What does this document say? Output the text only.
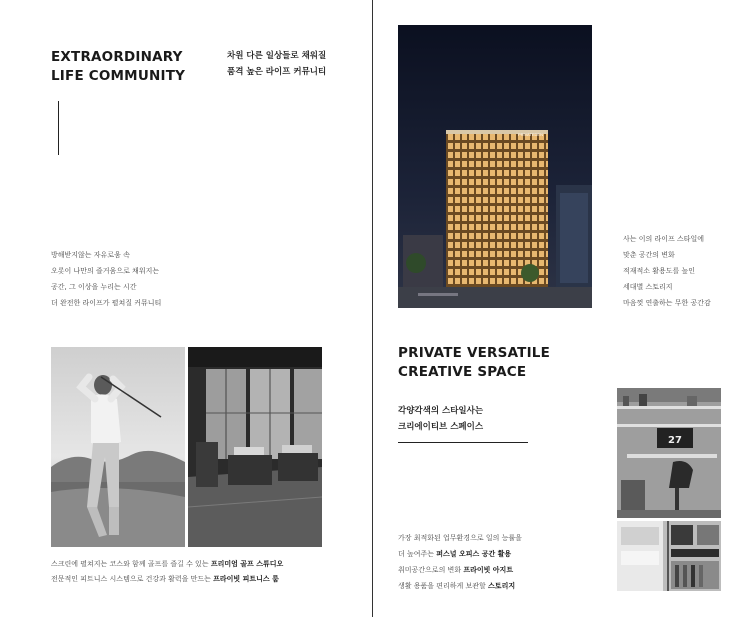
EXTRAORDINARY
LIFE COMMUNITY
차원 다른 일상들로 채워질
품격 높은 라이프 커뮤니티
방해받지않는 자유로움 속
오롯이 나만의 즐거움으로 채워지는
공간, 그 이상을 누리는 시간
더 완전한 라이프가 펼쳐질 커뮤니티
스크린에 펼쳐지는 코스와 함께 골프를 즐길 수 있는 프리미엄 골프 스튜디오
전문적인 피트니스 시스템으로 건강과 활력을 만드는 프라이빗 피트니스 룸
PRIVATEDEN
사는 이의 라이프 스타일에
맞춘 공간의 변화
적재적소 활용도를 높인
세대별 스토리지
마음껏 연출하는 무한 공간감
PRIVATE VERSATILE
CREATIVE SPACE
각양각색의 스타일사는
크리에이티브 스페이스
가장 최적화된 업무환경으로 일의 능률을
더 높여주는 퍼스널 오피스 공간 활용
취미공간으로의 변화 프라이빗 아지트
생활 용품을 편리하게 보관할 스토리지
27
